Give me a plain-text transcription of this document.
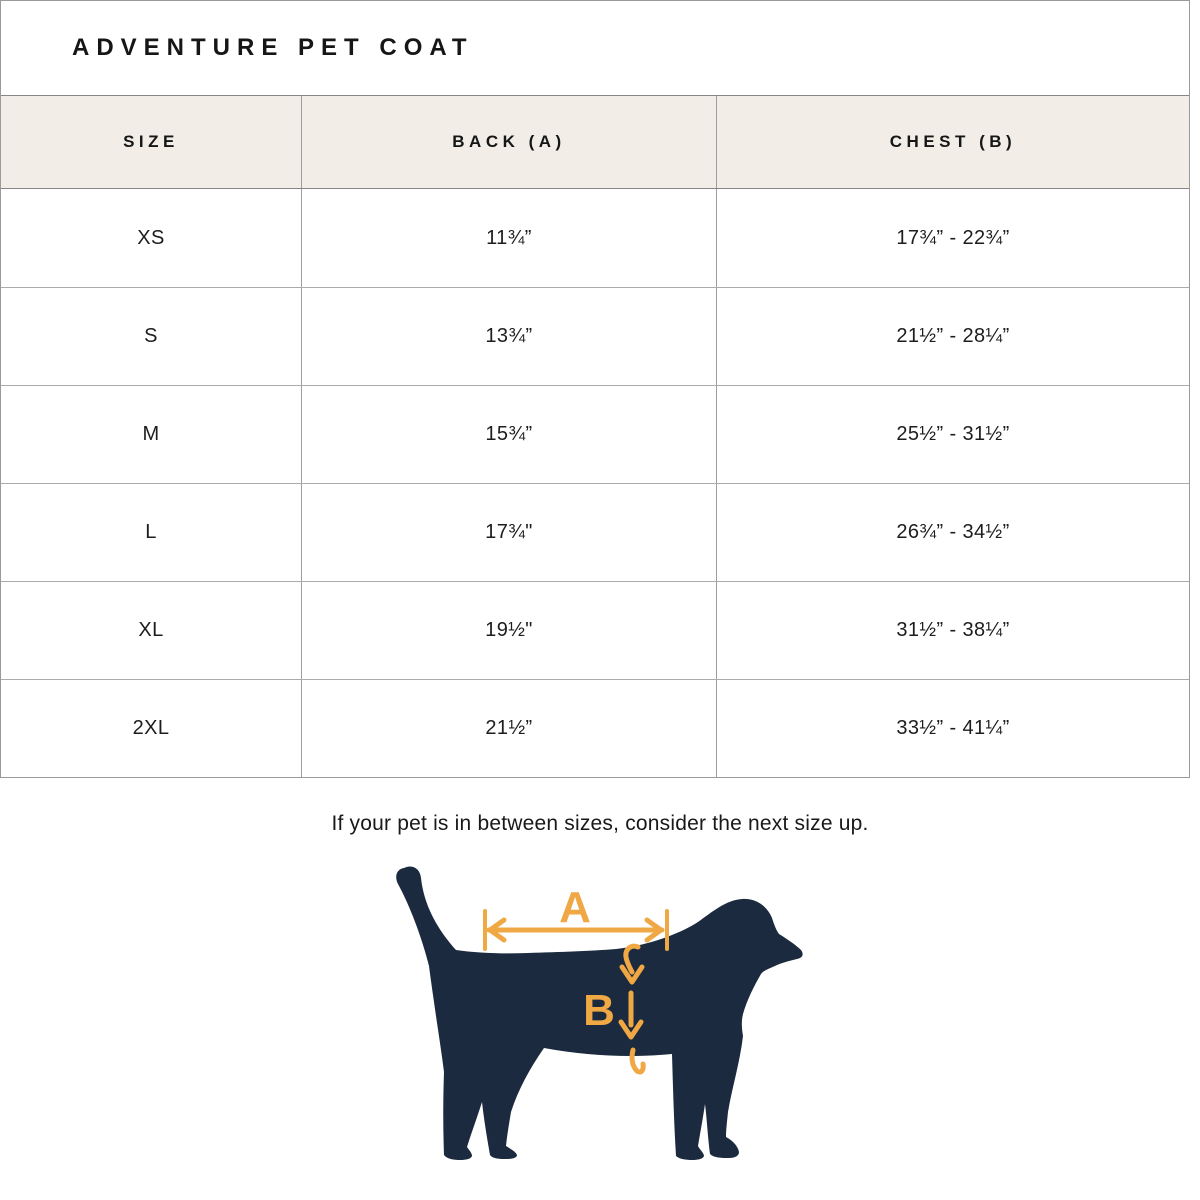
ADVENTURE PET COAT
SIZE	BACK (A)	CHEST (B)
XS	11¾”	17¾” - 22¾”
S	13¾”	21½” - 28¼”
M	15¾”	25½” - 31½”
L	17¾"	26¾” - 34½”
XL	19½"	31½” - 38¼”
2XL	21½”	33½” - 41¼”
If your pet is in between sizes, consider the next size up.
A
B
